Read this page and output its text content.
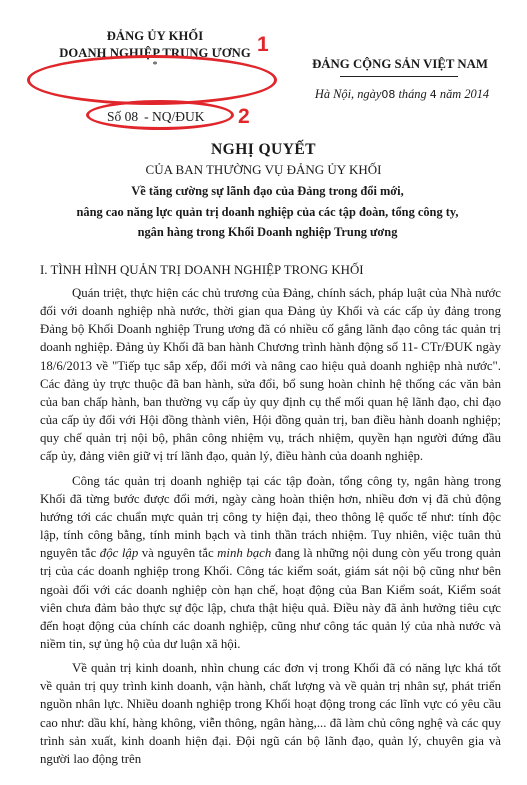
ĐẢNG ỦY KHỐI
DOANH NGHIỆP TRUNG ƯƠNG
*
Số 08 - NQ/ĐUK
ĐẢNG CỘNG SẢN VIỆT NAM
Hà Nội, ngày08 tháng 4 năm 2014
1
2
NGHỊ QUYẾT
CỦA BAN THƯỜNG VỤ ĐẢNG ỦY KHỐI
Về tăng cường sự lãnh đạo của Đảng trong đổi mới,
nâng cao năng lực quản trị doanh nghiệp của các tập đoàn, tổng công ty,
ngân hàng trong Khối Doanh nghiệp Trung ương
I. TÌNH HÌNH QUẢN TRỊ DOANH NGHIỆP TRONG KHỐI

Quán triệt, thực hiện các chủ trương của Đảng, chính sách, pháp luật của Nhà nước đối với doanh nghiệp nhà nước, thời gian qua Đảng ủy Khối và các cấp ủy đảng trong Đảng bộ Khối Doanh nghiệp Trung ương đã có nhiều cố gắng lãnh đạo công tác quản trị doanh nghiệp. Đảng ủy Khối đã ban hành Chương trình hành động số 11- CTr/ĐUK ngày 18/6/2013 về "Tiếp tục sắp xếp, đổi mới và nâng cao hiệu quả doanh nghiệp nhà nước". Các đảng ủy trực thuộc đã ban hành, sửa đổi, bổ sung hoàn chỉnh hệ thống các văn bản của ban chấp hành, ban thường vụ cấp ủy quy định cụ thể mối quan hệ lãnh đạo, chỉ đạo của cấp ủy đối với Hội đồng thành viên, Hội đồng quản trị, ban điều hành doanh nghiệp; quy chế quản trị nội bộ, phân công nhiệm vụ, trách nhiệm, quyền hạn người đứng đầu cấp ủy, đảng viên giữ vị trí lãnh đạo, quản lý, điều hành của doanh nghiệp.

Công tác quản trị doanh nghiệp tại các tập đoàn, tổng công ty, ngân hàng trong Khối đã từng bước được đổi mới, ngày càng hoàn thiện hơn, nhiều đơn vị đã chủ động hướng tới các chuẩn mực quản trị công ty hiện đại, theo thông lệ quốc tế như: tính độc lập, tính công bằng, tính minh bạch và tinh thần trách nhiệm. Tuy nhiên, việc tuân thủ nguyên tắc độc lập và nguyên tắc minh bạch đang là những nội dung còn yếu trong quản trị của các doanh nghiệp trong Khối. Công tác kiểm soát, giám sát nội bộ cũng như bên ngoài đối với các doanh nghiệp còn hạn chế, hoạt động của Ban Kiểm soát, Kiểm soát viên chưa đảm bảo thực sự độc lập, chưa thật hiệu quả. Điều này đã ảnh hưởng tiêu cực đến hoạt động của chính các doanh nghiệp, cũng như công tác quản lý của nhà nước và niềm tin, sự ủng hộ của dư luận xã hội.

Về quản trị kinh doanh, nhìn chung các đơn vị trong Khối đã có năng lực khá tốt về quản trị quy trình kinh doanh, vận hành, chất lượng và về quản trị nhân sự, phát triển nguồn nhân lực. Nhiều doanh nghiệp trong Khối hoạt động trong các lĩnh vực có yêu cầu cao như: dầu khí, hàng không, viễn thông, ngân hàng,... đã làm chủ công nghệ và các quy trình sản xuất, kinh doanh hiện đại. Đội ngũ cán bộ lãnh đạo, quản lý, chuyên gia và người lao động trên
